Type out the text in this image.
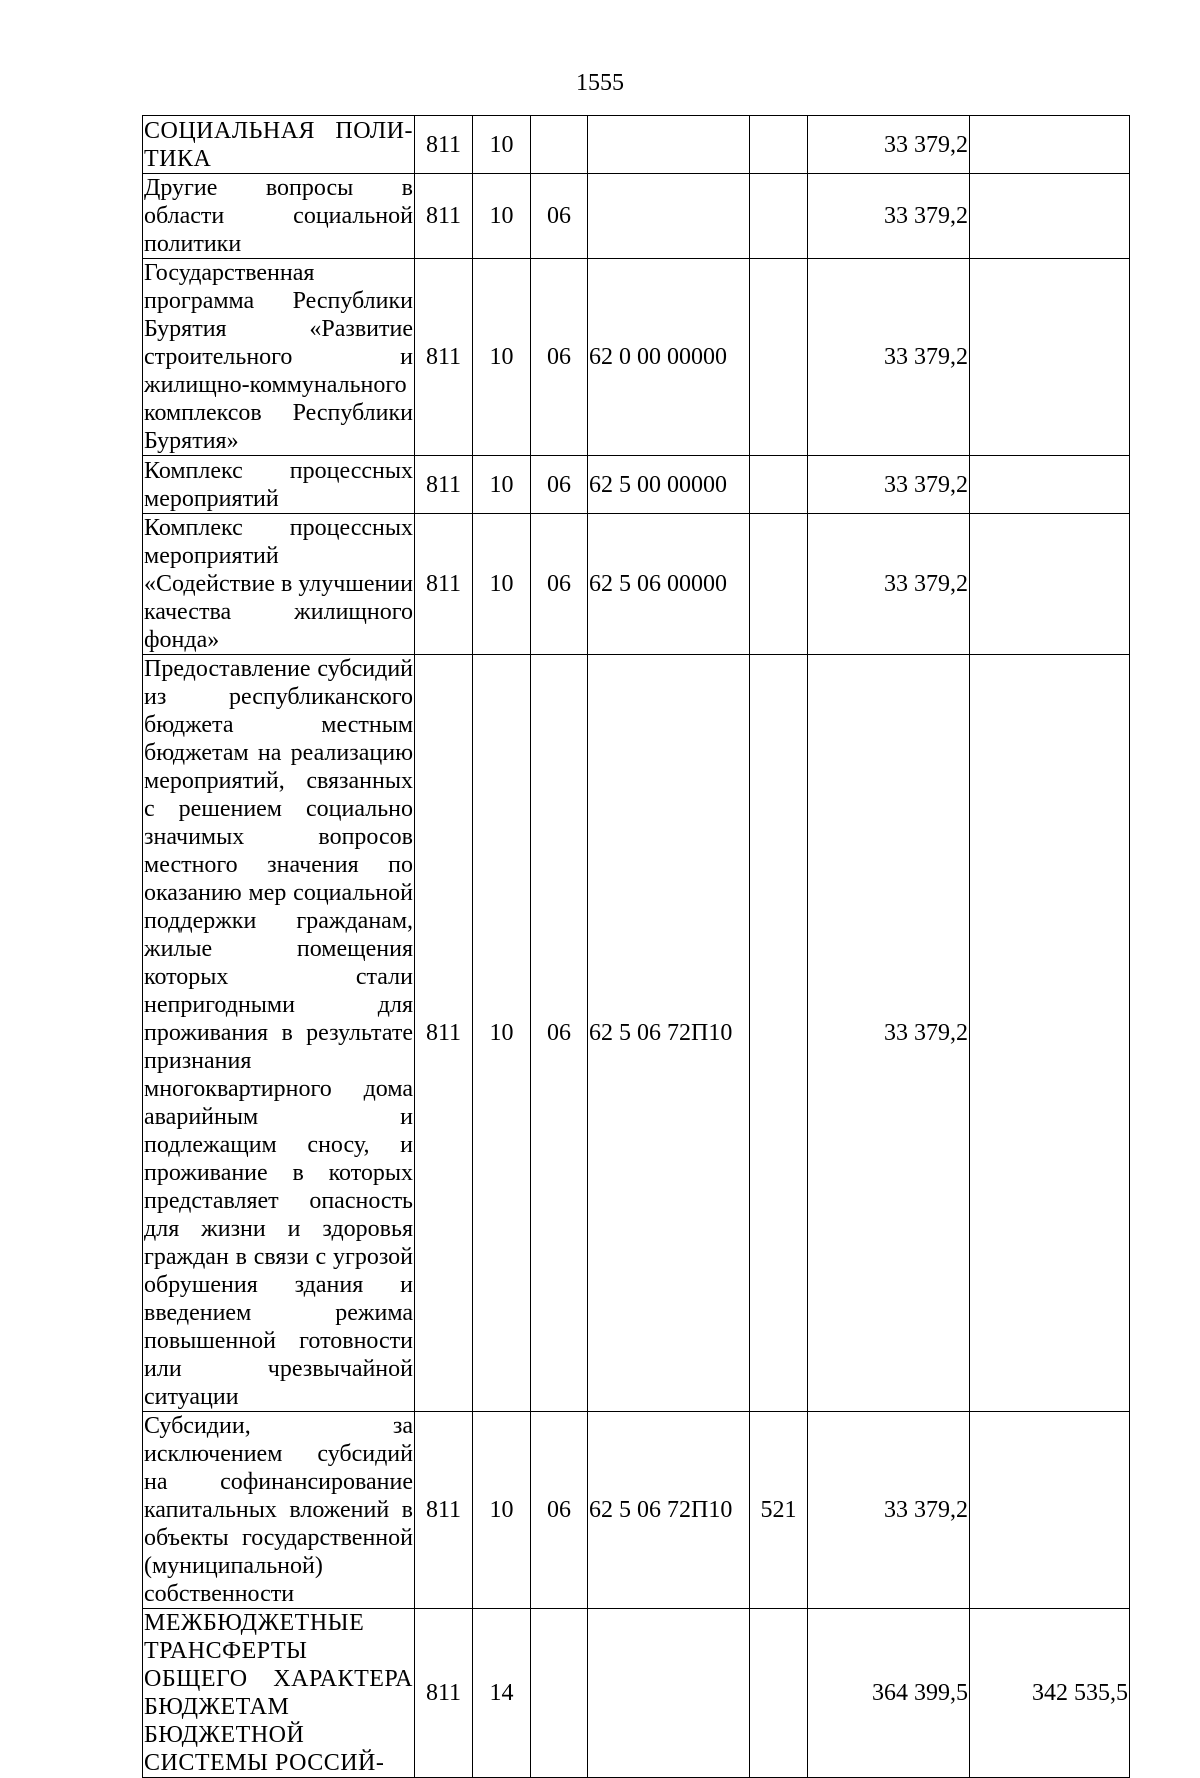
1555
СОЦИАЛЬНАЯ ПОЛИ-ТИКА	811	10				33 379,2	
Другие вопросы в области социальной политики	811	10	06			33 379,2	
Государственная программа Республики Бурятия «Развитие строительного и жилищно-коммунального комплексов Республики Бурятия»	811	10	06	62 0 00 00000		33 379,2	
Комплекс процессных мероприятий	811	10	06	62 5 00 00000		33 379,2	
Комплекс процессных мероприятий «Содействие в улучшении качества жилищного фонда»	811	10	06	62 5 06 00000		33 379,2	
Предоставление субсидий из республиканского бюджета местным бюджетам на реализацию мероприятий, связанных с решением социально значимых вопросов местного значения по оказанию мер социальной поддержки гражданам, жилые помещения которых стали непригодными для проживания в результате признания многоквартирного дома аварийным и подлежащим сносу, и проживание в которых представляет опасность для жизни и здоровья граждан в связи с угрозой обрушения здания и введением режима повышенной готовности или чрезвычайной ситуации	811	10	06	62 5 06 72П10		33 379,2	
Субсидии, за исключением субсидий на софинансирование капитальных вложений в объекты государственной (муниципальной) собственности	811	10	06	62 5 06 72П10	521	33 379,2	
МЕЖБЮДЖЕТНЫЕ ТРАНСФЕРТЫ ОБЩЕГО ХАРАКТЕРА БЮДЖЕТАМ БЮДЖЕТНОЙ СИСТЕМЫ РОССИЙ-	811	14				364 399,5	342 535,5
